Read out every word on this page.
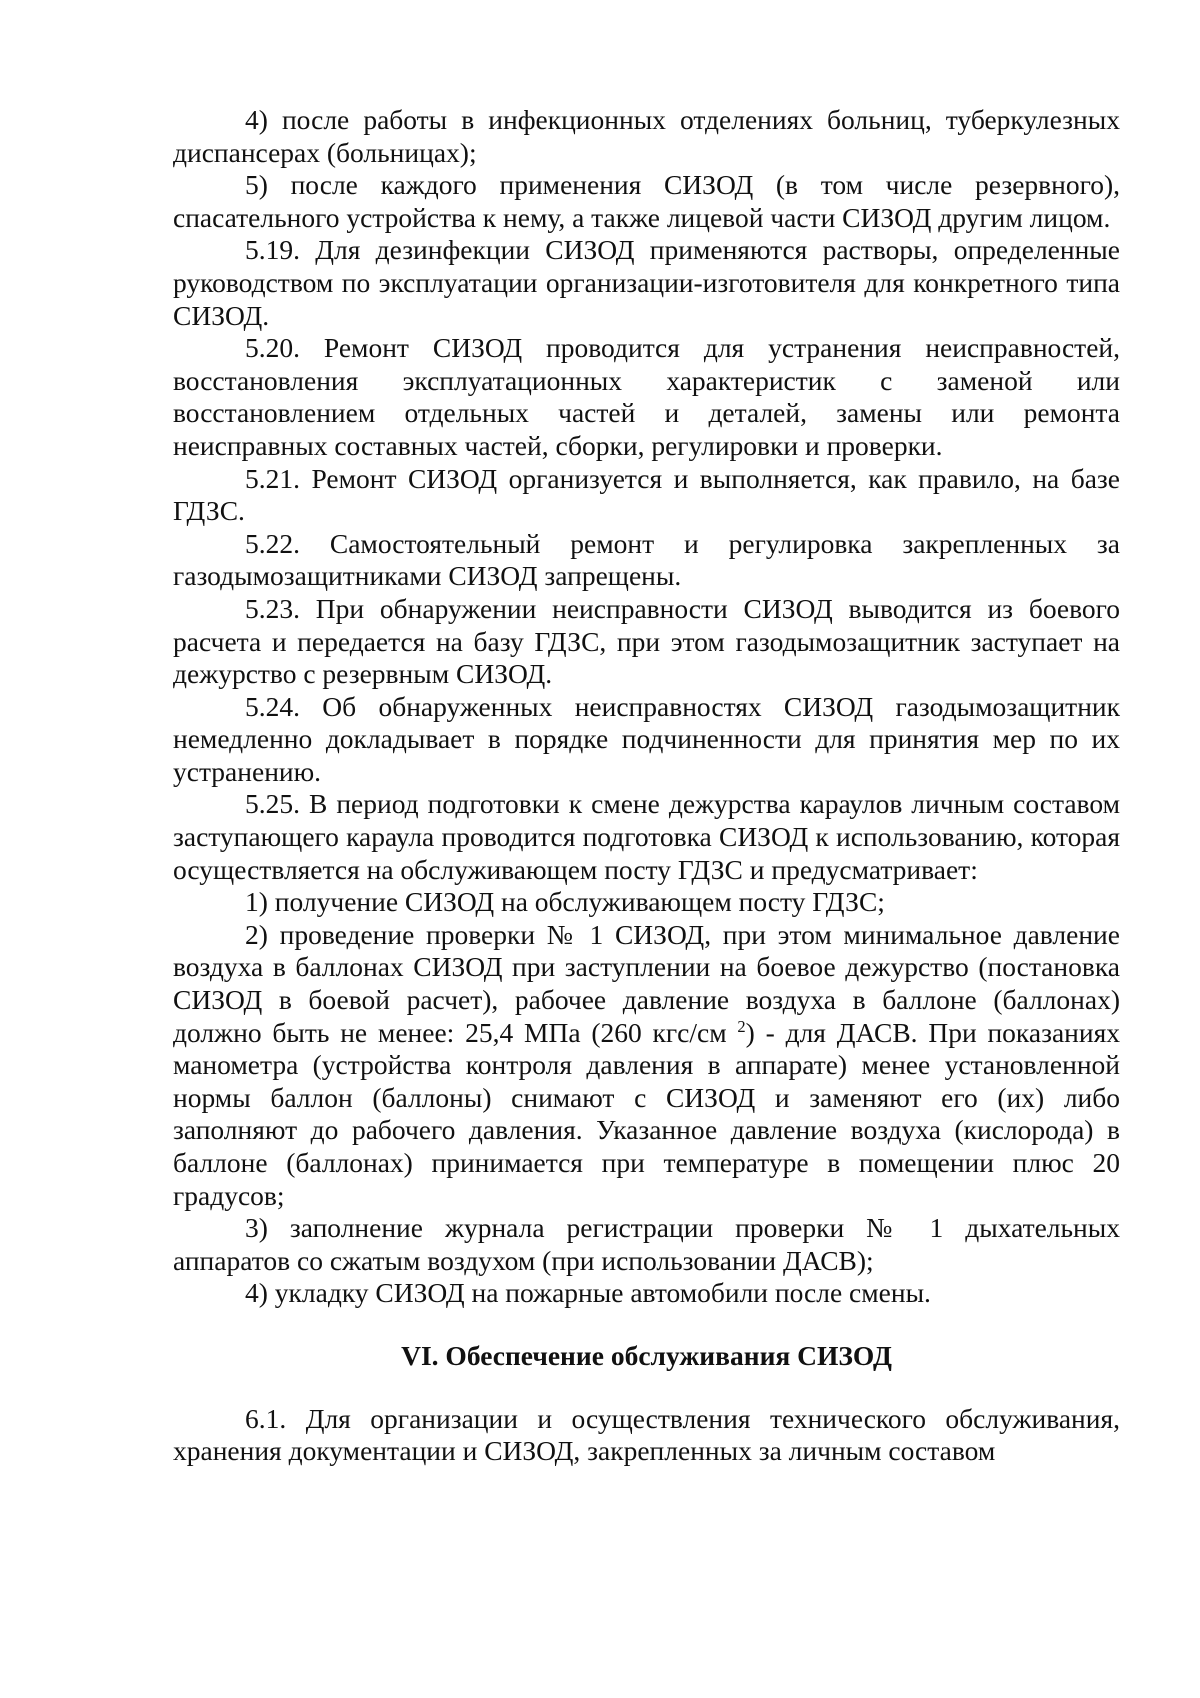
4) после работы в инфекционных отделениях больниц, туберкулезных диспансерах (больницах);

5) после каждого применения СИЗОД (в том числе резервного), спасательного устройства к нему, а также лицевой части СИЗОД другим лицом.

5.19. Для дезинфекции СИЗОД применяются растворы, определенные руководством по эксплуатации организации-изготовителя для конкретного типа СИЗОД.

5.20. Ремонт СИЗОД проводится для устранения неисправностей, восстановления эксплуатационных характеристик с заменой или восстановлением отдельных частей и деталей, замены или ремонта неисправных составных частей, сборки, регулировки и проверки.

5.21. Ремонт СИЗОД организуется и выполняется, как правило, на базе ГДЗС.

5.22. Самостоятельный ремонт и регулировка закрепленных за газодымозащитниками СИЗОД запрещены.

5.23. При обнаружении неисправности СИЗОД выводится из боевого расчета и передается на базу ГДЗС, при этом газодымозащитник заступает на дежурство с резервным СИЗОД.

5.24. Об обнаруженных неисправностях СИЗОД газодымозащитник немедленно докладывает в порядке подчиненности для принятия мер по их устранению.

5.25. В период подготовки к смене дежурства караулов личным составом заступающего караула проводится подготовка СИЗОД к использованию, которая осуществляется на обслуживающем посту ГДЗС и предусматривает:

1) получение СИЗОД на обслуживающем посту ГДЗС;

2) проведение проверки № 1 СИЗОД, при этом минимальное давление воздуха в баллонах СИЗОД при заступлении на боевое дежурство (постановка СИЗОД в боевой расчет), рабочее давление воздуха в баллоне (баллонах) должно быть не менее: 25,4 МПа (260 кгс/см $^2$) - для ДАСВ. При показаниях манометра (устройства контроля давления в аппарате) менее установленной нормы баллон (баллоны) снимают с СИЗОД и заменяют его (их) либо заполняют до рабочего давления. Указанное давление воздуха (кислорода) в баллоне (баллонах) принимается при температуре в помещении плюс 20 градусов;

3) заполнение журнала регистрации проверки № 1 дыхательных аппаратов со сжатым воздухом (при использовании ДАСВ);

4) укладку СИЗОД на пожарные автомобили после смены.

VI. Обеспечение обслуживания СИЗОД

6.1. Для организации и осуществления технического обслуживания, хранения документации и СИЗОД, закрепленных за личным составом
